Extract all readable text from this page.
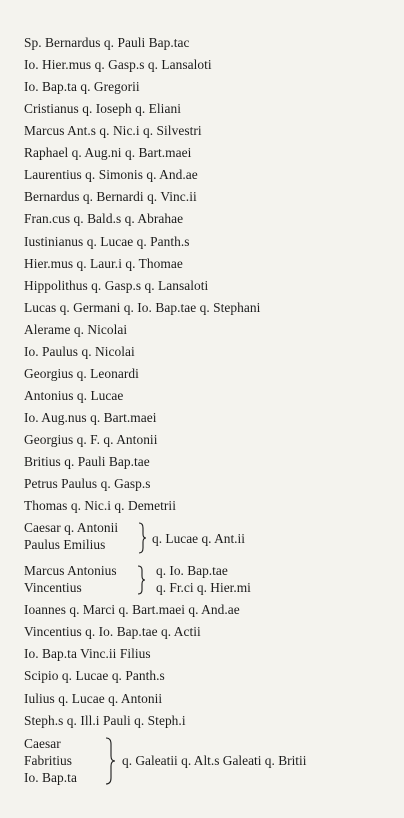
Sp. Bernardus q. Pauli Bap.tac
Io. Hier.mus q. Gasp.s q. Lansaloti
Io. Bap.ta q. Gregorii
Cristianus q. Ioseph q. Eliani
Marcus Ant.s q. Nic.i q. Silvestri
Raphael q. Aug.ni q. Bart.maei
Laurentius q. Simonis q. And.ae
Bernardus q. Bernardi q. Vinc.ii
Fran.cus q. Bald.s q. Abrahae
Iustinianus q. Lucae q. Panth.s
Hier.mus q. Laur.i q. Thomae
Hippolithus q. Gasp.s q. Lansaloti
Lucas q. Germani q. Io. Bap.tae q. Stephani
Alerame q. Nicolai
Io. Paulus q. Nicolai
Georgius q. Leonardi
Antonius q. Lucae
Io. Aug.nus q. Bart.maei
Georgius q. F. q. Antonii
Britius q. Pauli Bap.tae
Petrus Paulus q. Gasp.s
Thomas q. Nic.i q. Demetrii
Caesar q. Antonii
Paulus Emilius	q. Lucae q. Ant.ii
Marcus Antonius
Vincentius
q. Io. Bap.tae
q. Fr.ci q. Hier.mi
Ioannes q. Marci q. Bart.maei q. And.ae
Vincentius q. Io. Bap.tae q. Actii
Io. Bap.ta Vinc.ii Filius
Scipio q. Lucae q. Panth.s
Iulius q. Lucae q. Antonii
Steph.s q. Ill.i Pauli q. Steph.i
Caesar
Fabritius
Io. Bap.ta
q. Galeatii q. Alt.s Galeati q. Britii
